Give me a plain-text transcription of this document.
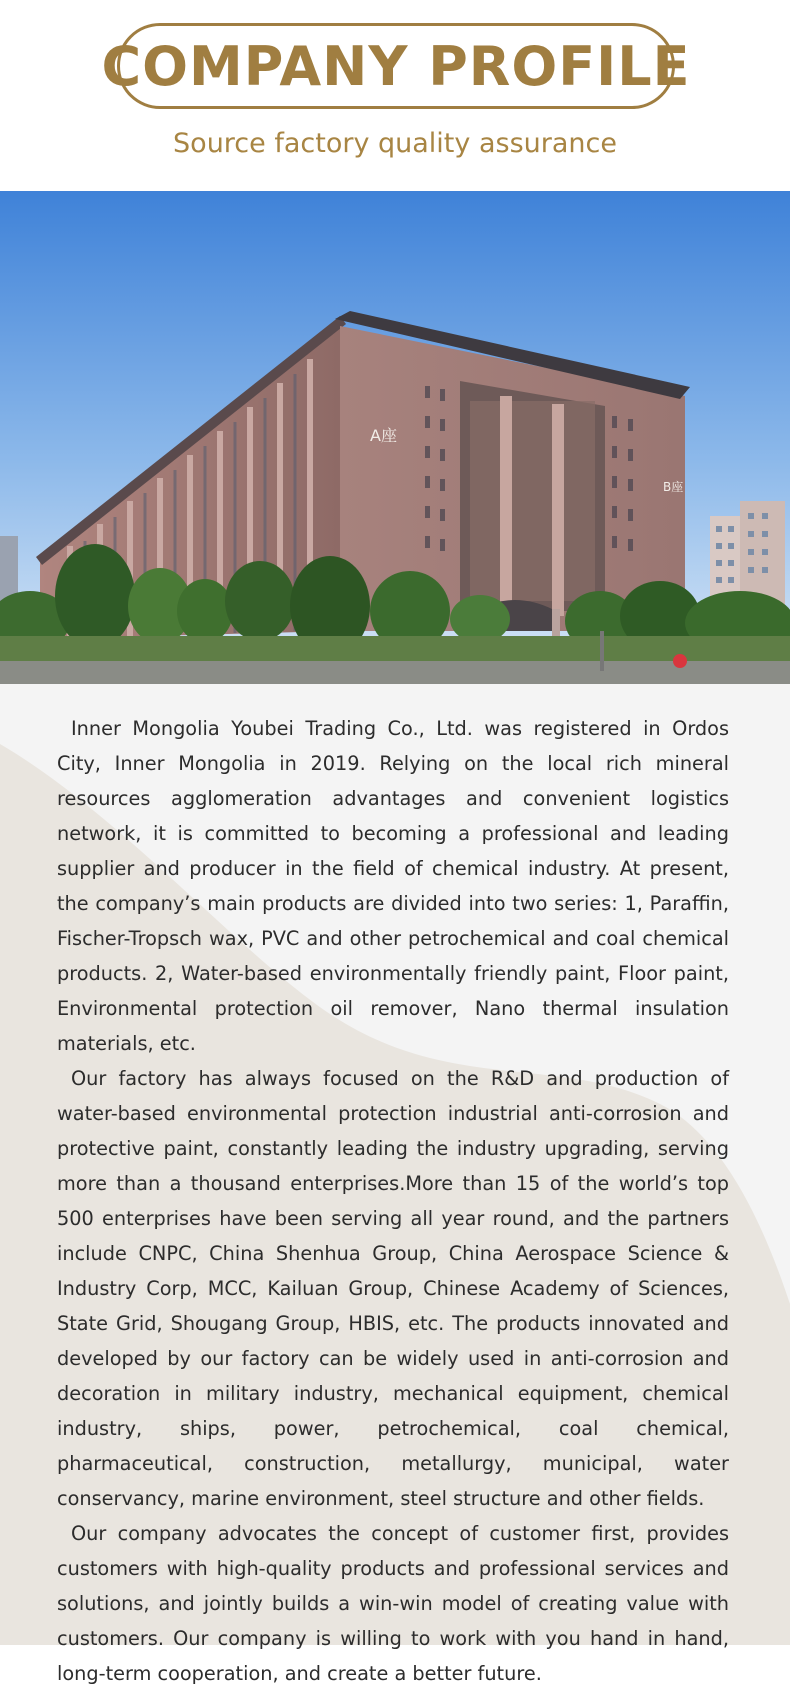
COMPANY PROFILE
Source factory quality assurance
A座
B座

Inner Mongolia Youbei Trading Co., Ltd. was registered in Ordos City, Inner Mongolia in 2019. Relying on the local rich mineral resources agglomeration advantages and convenient logistics network, it is committed to becoming a professional and leading supplier and producer in the field of chemical industry. At present, the company’s main products are divided into two series: 1, Paraffin, Fischer-Tropsch wax, PVC and other petrochemical and coal chemical products. 2, Water-based environmentally friendly paint, Floor paint, Environmental protection oil remover, Nano thermal insulation materials, etc.

Our factory has always focused on the R&D and production of water-based environmental protection industrial anti-corrosion and protective paint, constantly leading the industry upgrading, serving more than a thousand enterprises.More than 15 of the world’s top 500 enterprises have been serving all year round, and the partners include CNPC, China Shenhua Group, China Aerospace Science & Industry Corp, MCC, Kailuan Group, Chinese Academy of Sciences, State Grid, Shougang Group, HBIS, etc. The products innovated and developed by our factory can be widely used in anti-corrosion and decoration in military industry, mechanical equipment, chemical industry, ships, power, petrochemical, coal chemical, pharmaceutical, construction, metallurgy, municipal, water conservancy, marine environment, steel structure and other fields.

Our company advocates the concept of customer first, provides customers with high-quality products and professional services and solutions, and jointly builds a win-win model of creating value with customers. Our company is willing to work with you hand in hand, long-term cooperation, and create a better future.
